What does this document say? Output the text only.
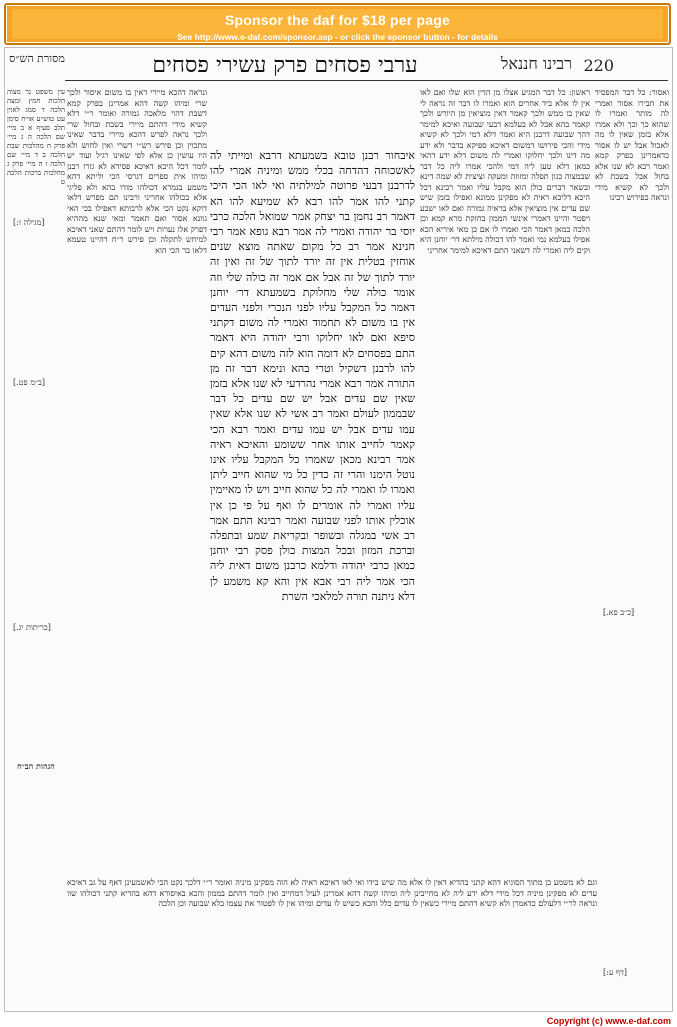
Sponsor the daf for $18 per page
See http://www.e-daf.com/sponsor.asp - or click the sponsor button - for details
מסורת הש״ס	ערבי פסחים פרק עשירי פסחים	רבינו חננאל 220
ואסור: כל דבר המפסיד את חבירו אסור ואמרי לה מותר ואמרו לו שהוא כך וכך ולא אמרו אלא בזמן שאין לו מה לאכול אבל יש לו אסור כדאמרינן בפרק קמא ואמר רבא לא שנו אלא בחול אבל בשבת לא ולכך לא קשיא מידי ונראה כפירוש רבינו
ראשון: כל דבר המגיע אצלו מן הדין הוא שלו ואם לאו אין לו אלא ביד אחרים הוא ואמרו לו דבר זה נראה לי שאין בו ממש ולכך קאמר דאין מוציאין מן היורש ולכך קאמר בהא אבל לא בעלמא דבעי שבועה ואיכא למימר דהך שבועה דרבנן היא ואמר דלא דמי ולכך לא קשיא מידי והכי פירושו דמשום דאיכא ספיקא בדבר ולא ידע מה דינו ולכך יחלוקו ואמרי לה משום דלא ידע דהאי כמאן דלא טען ליה דמי ולהכי אמרו ליה כל דבר שבמצוה כגון תפלה ומזוזה ומעקה וציצית לא שמה דינא ובשאר דברים כולן הוא מקבל עליו ואמר רבינא דכל היכא דליכא ראיה לא מפקינן ממונא ואפילו בזמן שיש שם עדים אין מוציאין אלא בראיה גמורה ואם לאו ישבע ויפטר והיינו דאמרי אינשי הממון בחזקת מרא קמא וכן הלכה כמאן דאמר הכי ואמרו לו אם כן מאי איריא הכא אפילו בעלמא נמי ואמר להו דכולה מילתא דר׳ יוחנן היא וקים ליה ואמרי לה דשאני התם דאיכא למימר אחריני
איבחור רבנן טובא בשמעתא דרבא ומייתי לה לאשכוחה דהדחה בכלי ממש ומיניה אמרי להו לדרבנן דבעי פרוטה למילתיה ואי לאו הכי היכי קתני להו אמר להו רבא לא שמיעא להו הא דאמר רב נחמן בר יצחק אמר שמואל הלכה כרבי יוסי בר יהודה ואמרי לה אמר רבא גופא אמר רבי חנינא אמר רב כל מקום שאתה מוצא שנים אוחזין בטלית אין זה יורד לתוך של זה ואין זה יורד לתוך של זה אבל אם אמר זה כולה שלי וזה אומר כולה שלי מחלוקת בשמעתא דר׳ יוחנן דאמר כל המקבל עליו לפני הנכרי ולפני העדים אין בו משום לא תחמוד ואמרי לה משום דקתני סיפא ואם לאו יחלוקו ורבי יהודה היא דאמר התם בפסחים לא דומה הוא לזה משום דהא קים להו לרבנן דשקיל וטרי בהא ונימא דבר זה מן התורה אמר רבא אמרי נהרדעי לא שנו אלא בזמן שאין שם עדים אבל יש שם עדים כל דבר שבממון לעולם ואמר רב אשי לא שנו אלא שאין עמו עדים אבל יש עמו עדים ואמר רבא הכי קאמר לחייב אותו אחר ששומע והאיכא ראיה אמר רבינא מכאן שאמרו כל המקבל עליו אינו נוטל הימנו והרי זה כדין כל מי שהוא חייב ליתן ואמרו לו ואמרי לה כל שהוא חייב ויש לו מאיימין עליו ואמרי לה אומרים לו ואף על פי כן אין אוכלין אותו לפני שבועה ואמר רבינא התם אמר רב אשי במגלה ובשופר ובקריאת שמע ובתפלה וברכת המזון ובכל המצות כולן פסק רבי יוחנן כמאן כרבי יהודה ודלמא כרבנן משום דאית ליה הכי אמר ליה רבי אבא אין והא קא משמע לן דלא ניתנה תורה למלאכי השרת
ונראה דהכא מיירי דאין בו משום איסור ולכך שרי ומיהו קשה דהא אמרינן בפרק קמא דשבת דהוי מלאכה גמורה ואומר ר״י דלא קשיא מידי דהתם מיירי בשבת ובחול שרי ולכך נראה לפרש דהכא מיירי בדבר שאינו מתכוין וכן פירש רש״י דשרי ואין לחוש ולא היו עושין כן אלא לפי שאינו רגיל ועוד יש לומר דכל היכא דאיכא פסידא לא גזרו רבנן ומיהו אית ספרים דגרסי הכי וליתא דהא משמע בגמרא דכולהו מודו בהא ולא פליגי אלא בכולהו אחריני ורבינו תם מפרש דלאו דוקא נקט הכי אלא לרבותא דאפילו בכי האי גוונא אסור ואם תאמר ומאי שנא מההיא דפרק אלו נערות ויש לומר דהתם שאני דאיכא למיחש לתקלה וכן פירש ר״ח דהיינו טעמא דלאו בר הכי הוא
עין משפט נר מצוה הלכות חמץ ומצה הלכה ד סמג לאוין עט טוש״ע או״ח סימן תלב סעיף א ב מיי׳ שם הלכה ה ג מיי׳ פרק ח מהלכות שבת הלכה ב ד מיי׳ שם הלכה ו ה מיי׳ פרק ג מהלכות ברכות הלכה ט
וגם לא משמע כן מתוך הסוגיא דהא קתני בהדיא דאין לו אלא מה שיש בידו ואי לאו דאיכא ראיה לא הוה מפקינן מיניה ואומר ר״י דלכך נקט הכי לאשמעינן דאף על גב דאיכא עדים לא מפקינן מיניה דכל מידי דלא ידע ליה לא מחייבינן ליה ומיהו קשה דהא אמרינן לעיל דמחייב ואין לומר דהתם בממון והכא באיסורא דהא בהדיא קתני דכולהו שוו ונראה לר״י דלעולם כדאמרן ולא קשיא דהתם מיירי כשאין לו עדים כלל והכא כשיש לו עדים ומיהו אין לו לפטור את עצמו בלא שבועה וכן הלכה
[כ״ב פא.]
[מגילה ז:]
[ב״מ פט.]
[כריתות יג.]
הגהות הב״ח
[דף ע:]
Copyright (c) www.e-daf.com
